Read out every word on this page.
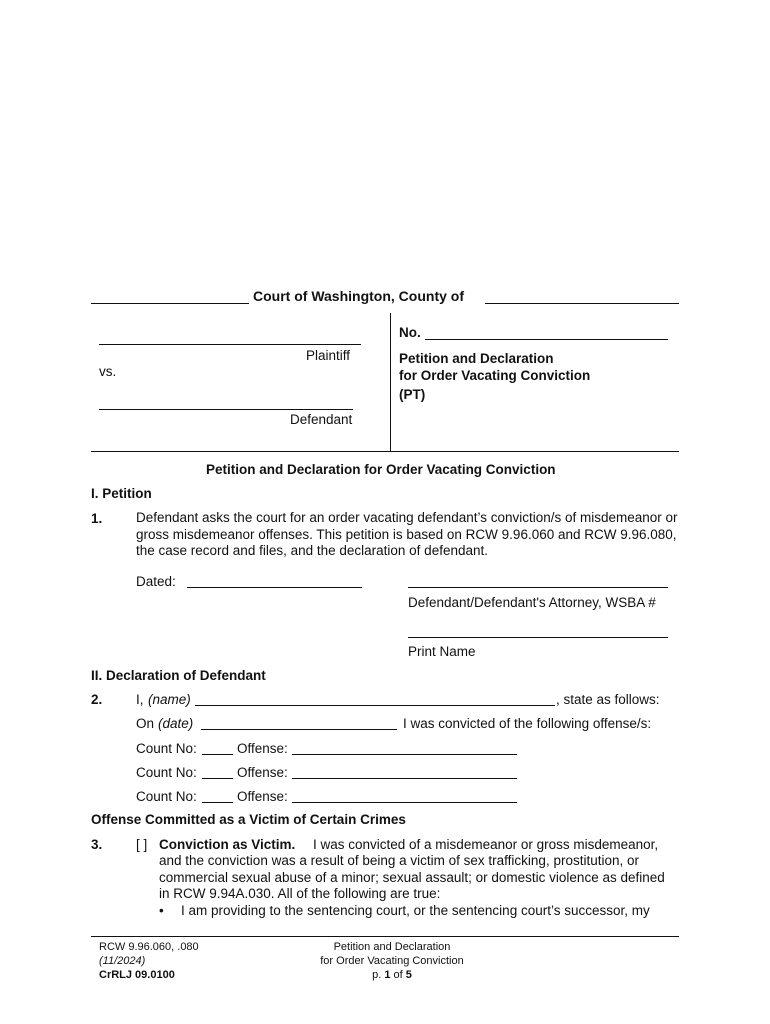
Court of Washington, County of
Plaintiff
vs.
Defendant
No.
Petition and Declaration
for Order Vacating Conviction
(PT)
Petition and Declaration for Order Vacating Conviction
I. Petition
1. Defendant asks the court for an order vacating defendant’s conviction/s of misdemeanor or gross misdemeanor offenses. This petition is based on RCW 9.96.060 and RCW 9.96.080, the case record and files, and the declaration of defendant.
Dated:
Defendant/Defendant's Attorney, WSBA #
Print Name
II. Declaration of Defendant
2. I, (name)	, state as follows:
On (date)	I was convicted of the following offense/s:
Count No:	Offense:
Count No:	Offense:
Count No:	Offense:
Offense Committed as a Victim of Certain Crimes
3. [ ] Conviction as Victim. I was convicted of a misdemeanor or gross misdemeanor,
and the conviction was a result of being a victim of sex trafficking, prostitution, or
commercial sexual abuse of a minor; sexual assault; or domestic violence as defined
in RCW 9.94A.030. All of the following are true:
• I am providing to the sentencing court, or the sentencing court’s successor, my
RCW 9.96.060, .080
(11/2024)
CrRLJ 09.0100
Petition and Declaration
for Order Vacating Conviction
p. 1 of 5
